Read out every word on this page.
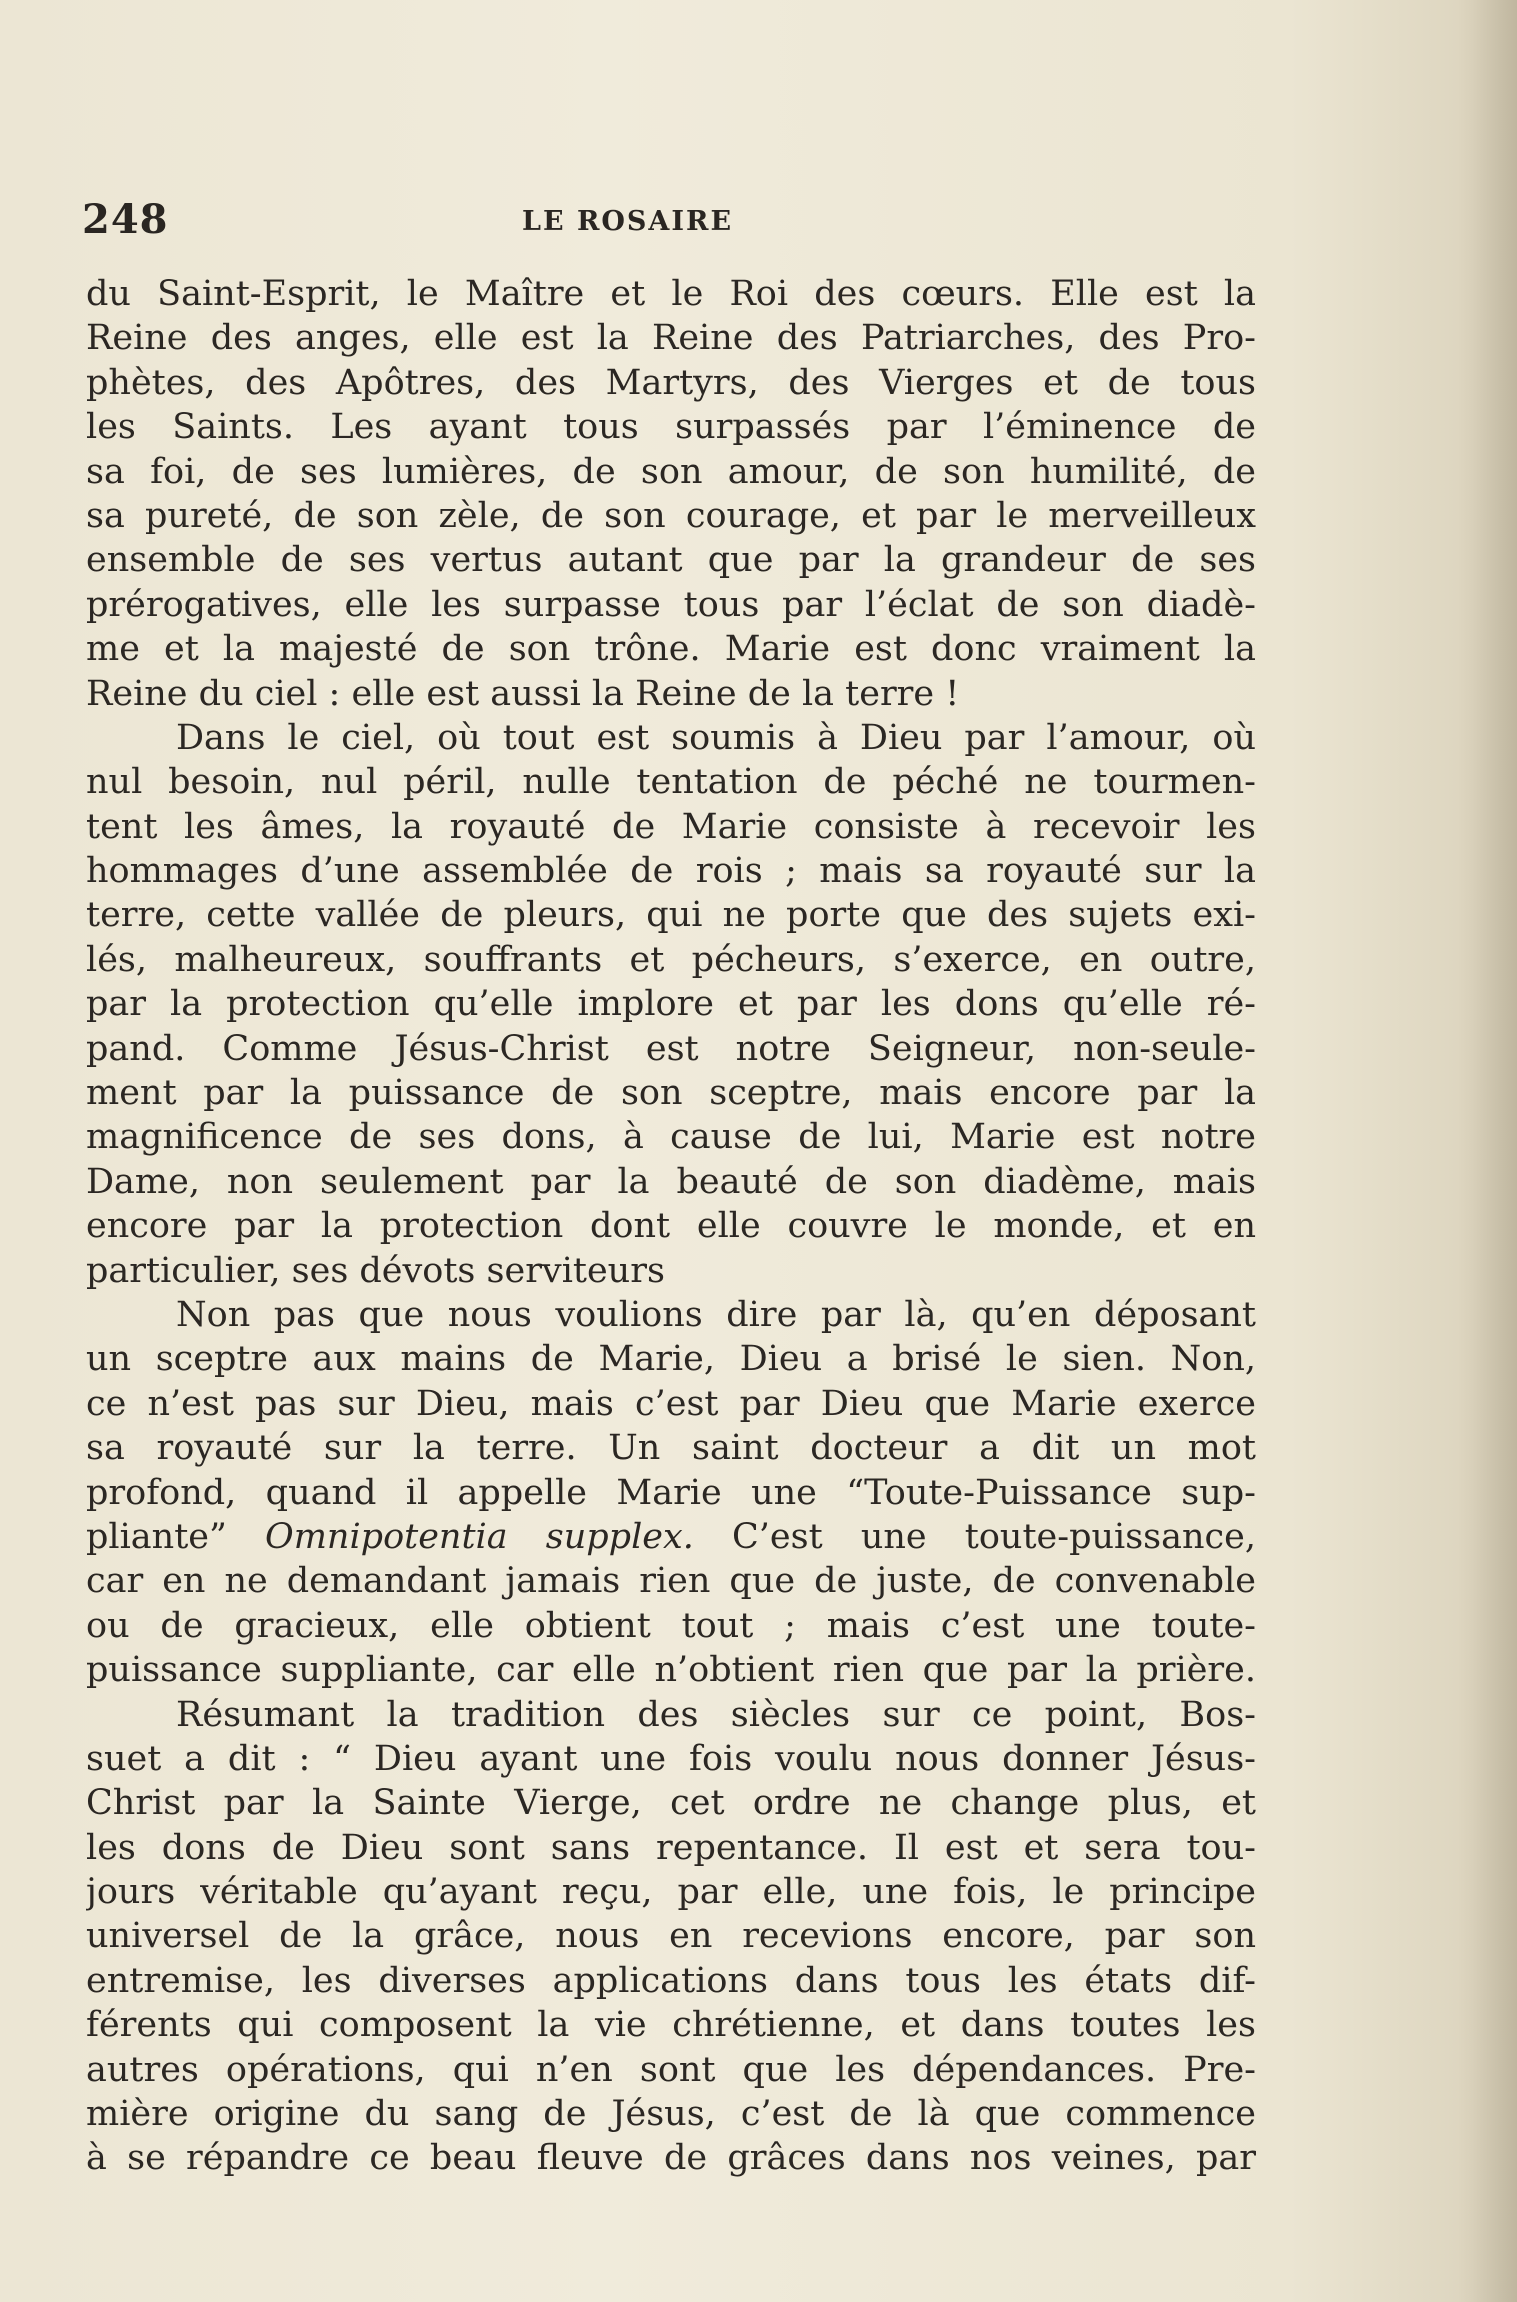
248	LE ROSAIRE
du Saint-Esprit, le Maître et le Roi des cœurs. Elle est la
Reine des anges, elle est la Reine des Patriarches, des Pro-
phètes, des Apôtres, des Martyrs, des Vierges et de tous
les Saints. Les ayant tous surpassés par l’éminence de
sa foi, de ses lumières, de son amour, de son humilité, de
sa pureté, de son zèle, de son courage, et par le merveilleux
ensemble de ses vertus autant que par la grandeur de ses
prérogatives, elle les surpasse tous par l’éclat de son diadè-
me et la majesté de son trône. Marie est donc vraiment la
Reine du ciel : elle est aussi la Reine de la terre !
Dans le ciel, où tout est soumis à Dieu par l’amour, où
nul besoin, nul péril, nulle tentation de péché ne tourmen-
tent les âmes, la royauté de Marie consiste à recevoir les
hommages d’une assemblée de rois ; mais sa royauté sur la
terre, cette vallée de pleurs, qui ne porte que des sujets exi-
lés, malheureux, souffrants et pécheurs, s’exerce, en outre,
par la protection qu’elle implore et par les dons qu’elle ré-
pand. Comme Jésus-Christ est notre Seigneur, non-seule-
ment par la puissance de son sceptre, mais encore par la
magnificence de ses dons, à cause de lui, Marie est notre
Dame, non seulement par la beauté de son diadème, mais
encore par la protection dont elle couvre le monde, et en
particulier, ses dévots serviteurs
Non pas que nous voulions dire par là, qu’en déposant
un sceptre aux mains de Marie, Dieu a brisé le sien. Non,
ce n’est pas sur Dieu, mais c’est par Dieu que Marie exerce
sa royauté sur la terre. Un saint docteur a dit un mot
profond, quand il appelle Marie une “Toute-Puissance sup-
pliante” Omnipotentia supplex. C’est une toute-puissance,
car en ne demandant jamais rien que de juste, de convenable
ou de gracieux, elle obtient tout ; mais c’est une toute-
puissance suppliante, car elle n’obtient rien que par la prière.
Résumant la tradition des siècles sur ce point, Bos-
suet a dit : “ Dieu ayant une fois voulu nous donner Jésus-
Christ par la Sainte Vierge, cet ordre ne change plus, et
les dons de Dieu sont sans repentance. Il est et sera tou-
jours véritable qu’ayant reçu, par elle, une fois, le principe
universel de la grâce, nous en recevions encore, par son
entremise, les diverses applications dans tous les états dif-
férents qui composent la vie chrétienne, et dans toutes les
autres opérations, qui n’en sont que les dépendances. Pre-
mière origine du sang de Jésus, c’est de là que commence
à se répandre ce beau fleuve de grâces dans nos veines, par
